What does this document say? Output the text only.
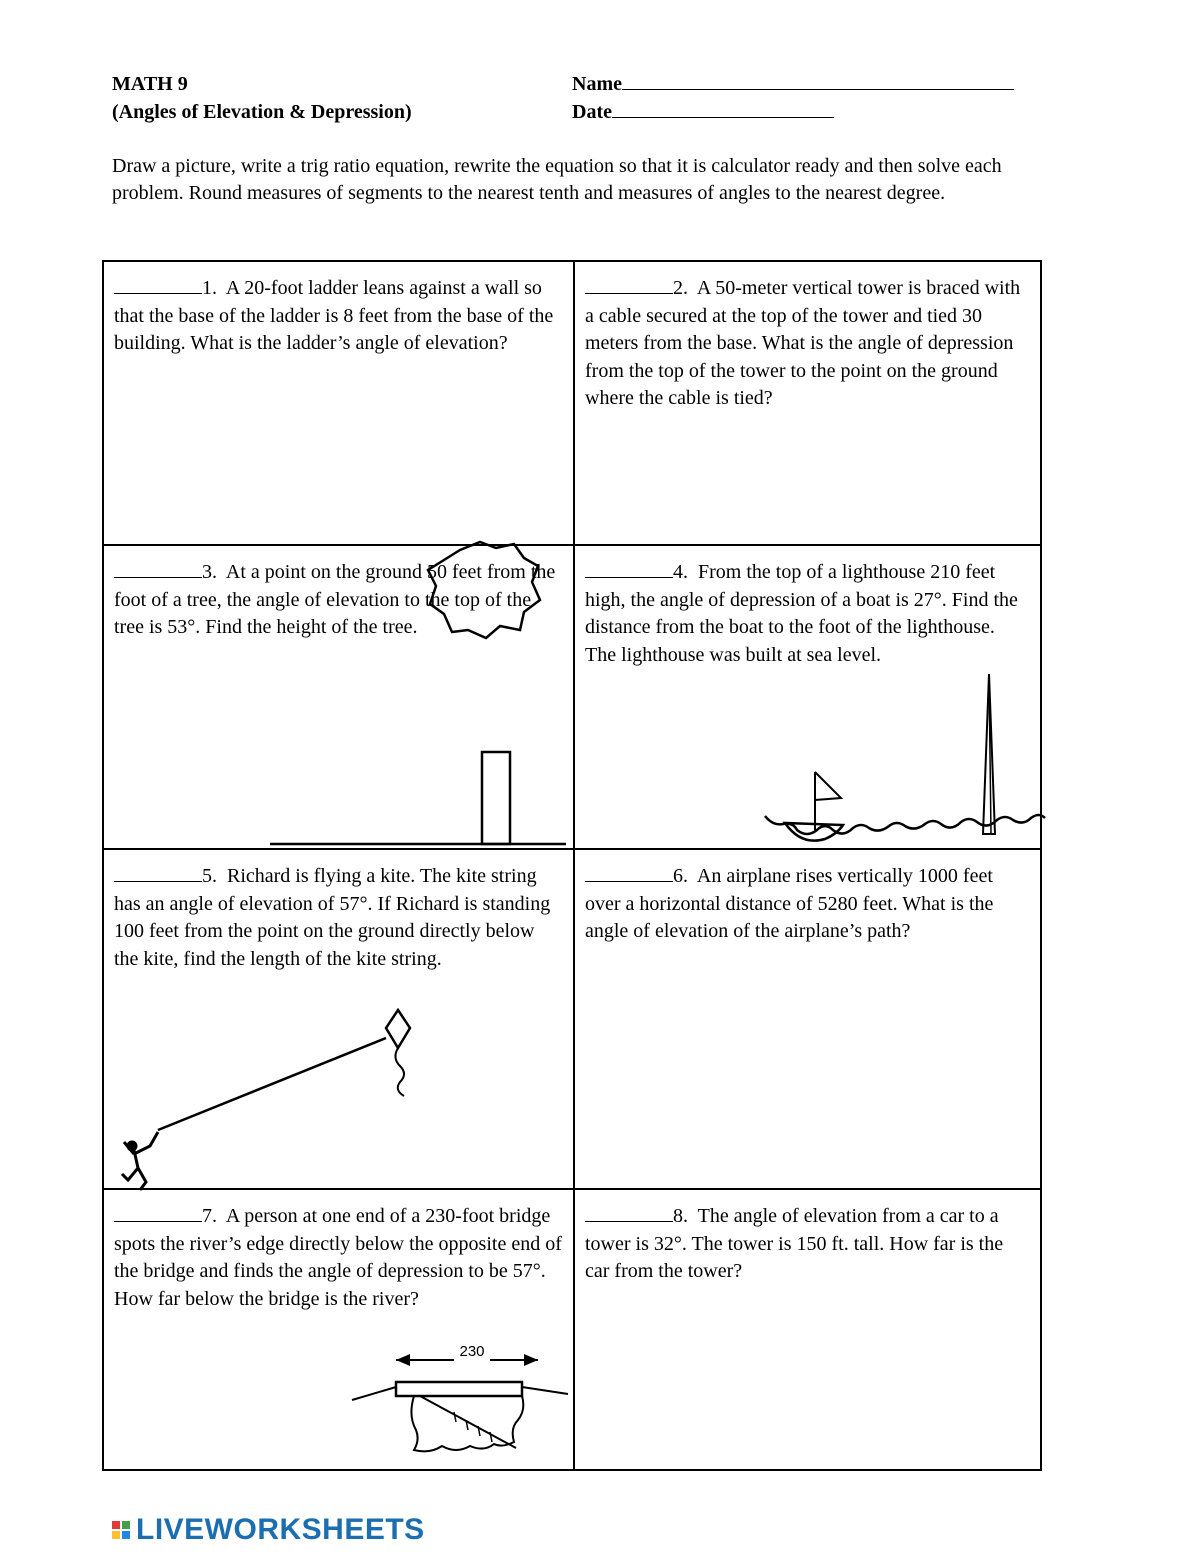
MATH 9
(Angles of Elevation & Depression)
Name
Date

Draw a picture, write a trig ratio equation, rewrite the equation so that it is calculator ready and then solve each problem. Round measures of segments to the nearest tenth and measures of angles to the nearest degree.

1. A 20-foot ladder leans against a wall so that the base of the ladder is 8 feet from the base of the building. What is the ladder’s angle of elevation?

2. A 50-meter vertical tower is braced with a cable secured at the top of the tower and tied 30 meters from the base. What is the angle of depression from the top of the tower to the point on the ground where the cable is tied?

3. At a point on the ground 50 feet from the foot of a tree, the angle of elevation to the top of the tree is 53°. Find the height of the tree.

4. From the top of a lighthouse 210 feet high, the angle of depression of a boat is 27°. Find the distance from the boat to the foot of the lighthouse. The lighthouse was built at sea level.

5. Richard is flying a kite. The kite string has an angle of elevation of 57°. If Richard is standing 100 feet from the point on the ground directly below the kite, find the length of the kite string.

6. An airplane rises vertically 1000 feet over a horizontal distance of 5280 feet. What is the angle of elevation of the airplane’s path?

7. A person at one end of a 230-foot bridge spots the river’s edge directly below the opposite end of the bridge and finds the angle of depression to be 57°. How far below the bridge is the river?

230

8. The angle of elevation from a car to a tower is 32°. The tower is 150 ft. tall. How far is the car from the tower?

LIVEWORKSHEETS
